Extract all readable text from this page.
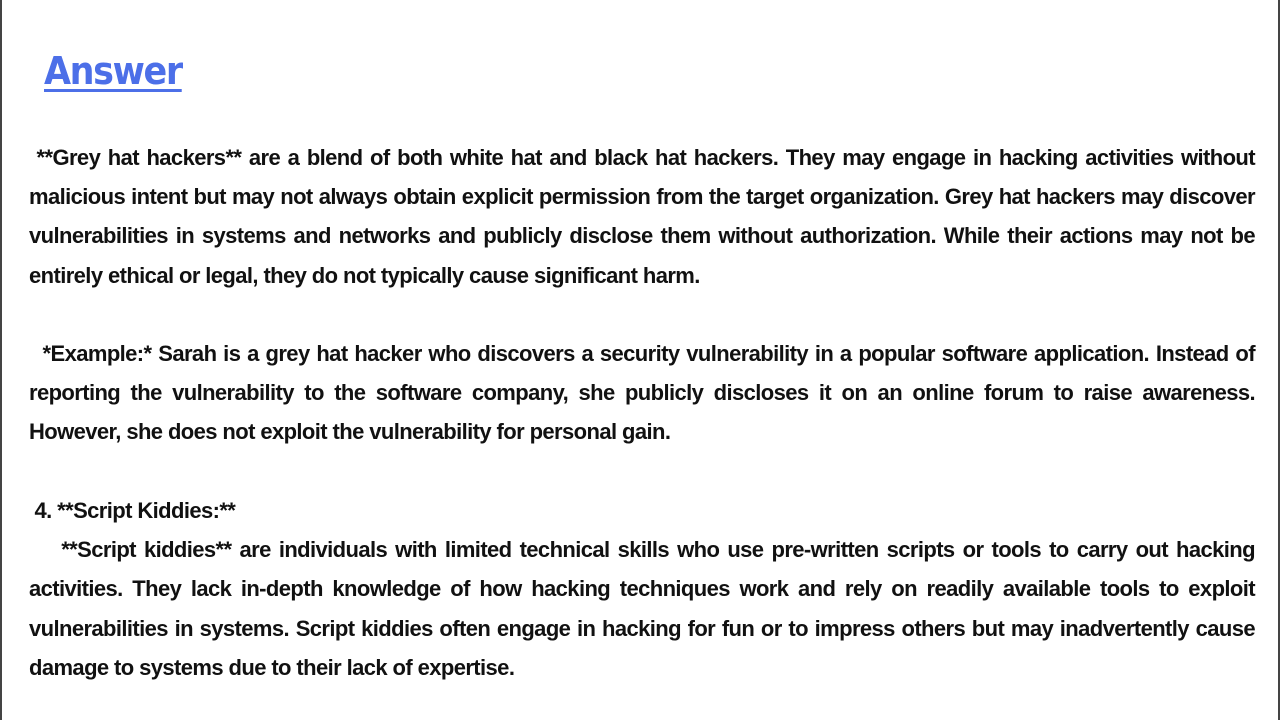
Answer

**Grey hat hackers** are a blend of both white hat and black hat hackers. They may engage in hacking activities without malicious intent but may not always obtain explicit permission from the target organization. Grey hat hackers may discover vulnerabilities in systems and networks and publicly disclose them without authorization. While their actions may not be entirely ethical or legal, they do not typically cause significant harm.

*Example:* Sarah is a grey hat hacker who discovers a security vulnerability in a popular software application. Instead of reporting the vulnerability to the software company, she publicly discloses it on an online forum to raise awareness. However, she does not exploit the vulnerability for personal gain.

4. **Script Kiddies:**
**Script kiddies** are individuals with limited technical skills who use pre-written scripts or tools to carry out hacking activities. They lack in-depth knowledge of how hacking techniques work and rely on readily available tools to exploit vulnerabilities in systems. Script kiddies often engage in hacking for fun or to impress others but may inadvertently cause damage to systems due to their lack of expertise.
